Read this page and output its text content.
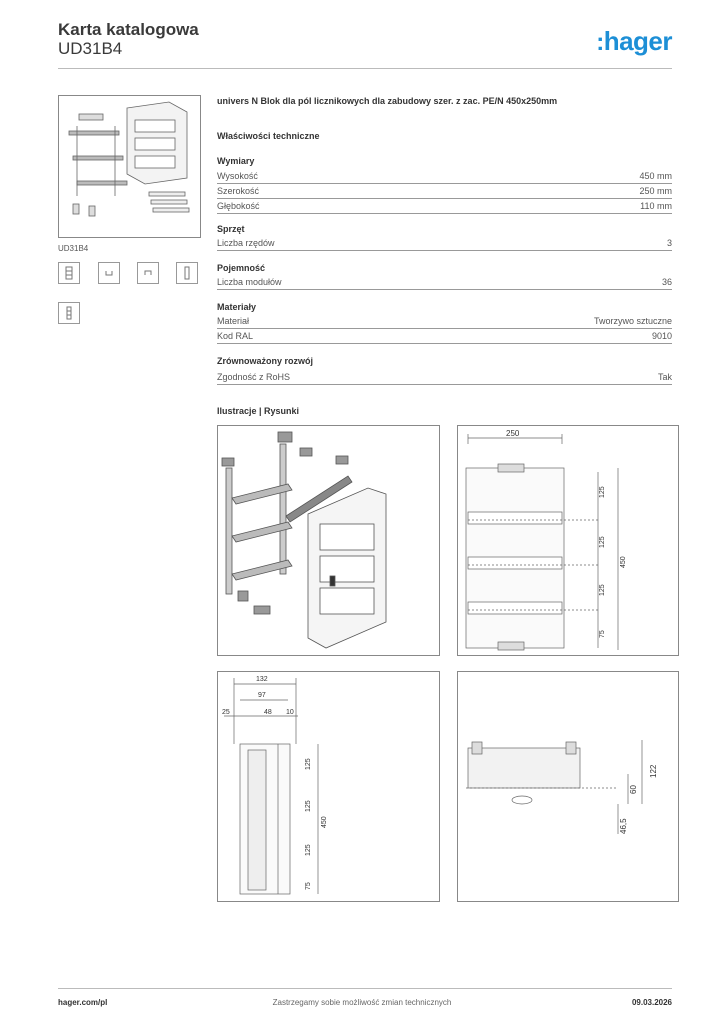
Karta katalogowa
UD31B4	:hager
UD31B4
univers N Blok dla pól licznikowych dla zabudowy szer. z zac. PE/N 450x250mm
Właściwości techniczne
Wymiary
Wysokość	450 mm
Szerokość	250 mm
Głębokość	110 mm
Sprzęt
Liczba rzędów	3
Pojemność
Liczba modułów	36
Materiały
Materiał	Tworzywo sztuczne
Kod RAL	9010
Zrównoważony rozwój
Zgodność z RoHS	Tak
Ilustracje | Rysunki
250
125
125
125
75
450
132
97
25	48 10
125
125
125
75
450
122
60
46,5
hager.com/pl	Zastrzegamy sobie możliwość zmian technicznych	09.03.2026
